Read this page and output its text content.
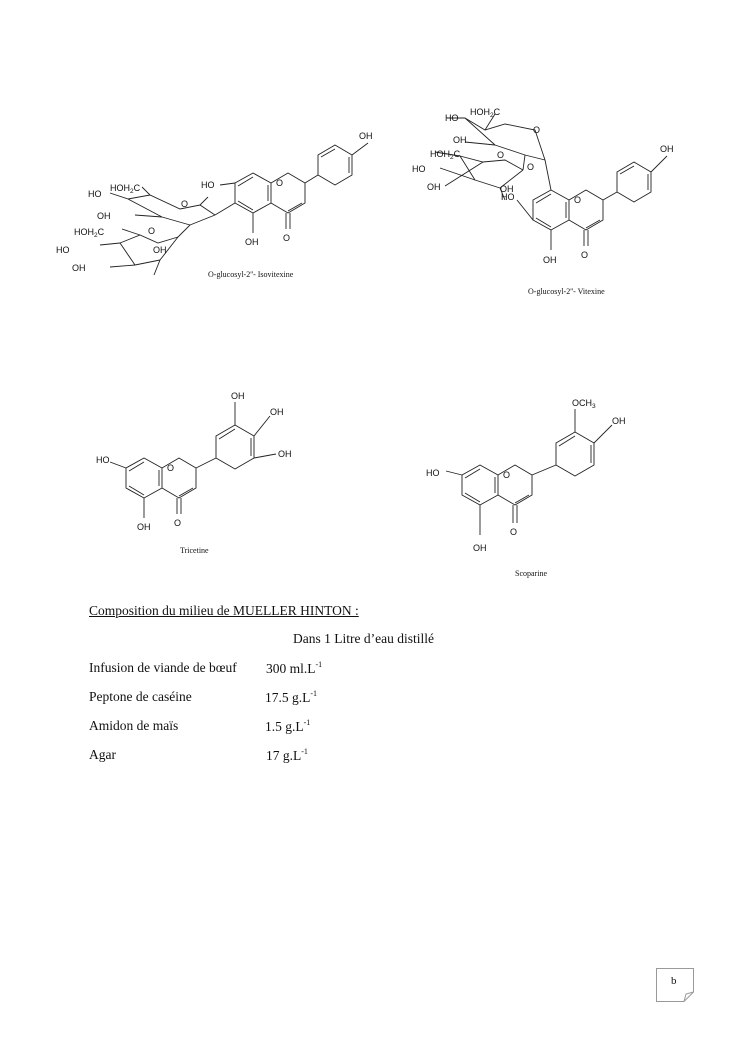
OH
HO
OH	O
O
$HOH_2C$
HO
OH
O
$HOH_2C$
HO
OH
OH
O
O-glucosyl-2''- Isovitexine
OH
HO
OH	O
O
$HOH_2C$
HO
OH
OH
O
$HOH_2C$
HO
OH
O
O
O-glucosyl-2''- Vitexine
OH
OH
OH
HO
OH	O
O
Tricetine
$OCH_3$
OH
HO
OH
O
O
Scoparine
Composition du milieu de MUELLER HINTON :
Dans 1 Litre d’eau distillé
Infusion de viande de bœuf 300 $ml.L^{-1}$
Peptone de caséine	17.5 $g.L^{-1}$
Amidon de maïs	1.5 $g.L^{-1}$
Agar	17 $g.L^{-1}$
b
